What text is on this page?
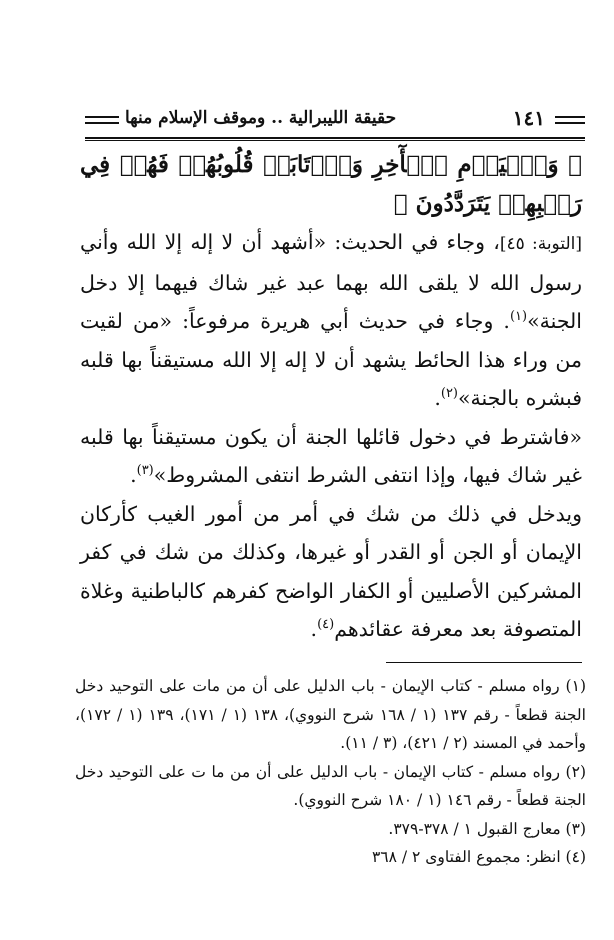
١٤١
حقيقة الليبرالية .. وموقف الإسلام منها

﴿ وَٱلۡيَوۡمِ ٱلۡأٓخِرِ وَٱرۡتَابَتۡ قُلُوبُهُمۡ فَهُمۡ فِي رَيۡبِهِمۡ يَتَرَدَّدُونَ ﴾

[التوبة: ٤٥]، وجاء في الحديث: «أشهد أن لا إله إلا الله وأني رسول الله لا يلقى الله بهما عبد غير شاك فيهما إلا دخل الجنة»$^{(١)}$. وجاء في حديث أبي هريرة مرفوعاً: «من لقيت من وراء هذا الحائط يشهد أن لا إله إلا الله مستيقناً بها قلبه فبشره بالجنة»$^{(٢)}$.

«فاشترط في دخول قائلها الجنة أن يكون مستيقناً بها قلبه غير شاك فيها، وإذا انتفى الشرط انتفى المشروط»$^{(٣)}$.

ويدخل في ذلك من شك في أمر من أمور الغيب كأركان الإيمان أو الجن أو القدر أو غيرها، وكذلك من شك في كفر المشركين الأصليين أو الكفار الواضح كفرهم كالباطنية وغلاة المتصوفة بعد معرفة عقائدهم$^{(٤)}$.

(١) رواه مسلم - كتاب الإيمان - باب الدليل على أن من مات على التوحيد دخل الجنة قطعاً - رقم ١٣٧ (١ / ١٦٨ شرح النووي)، ١٣٨ (١ / ١٧١)، ١٣٩ (١ / ١٧٢)، وأحمد في المسند (٢ / ٤٢١)، (٣ / ١١).

(٢) رواه مسلم - كتاب الإيمان - باب الدليل على أن من ما ت على التوحيد دخل الجنة قطعاً - رقم ١٤٦ (١ / ١٨٠ شرح النووي).

(٣) معارج القبول ١ / ٣٧٨-٣٧٩.

(٤) انظر: مجموع الفتاوى ٢ / ٣٦٨
